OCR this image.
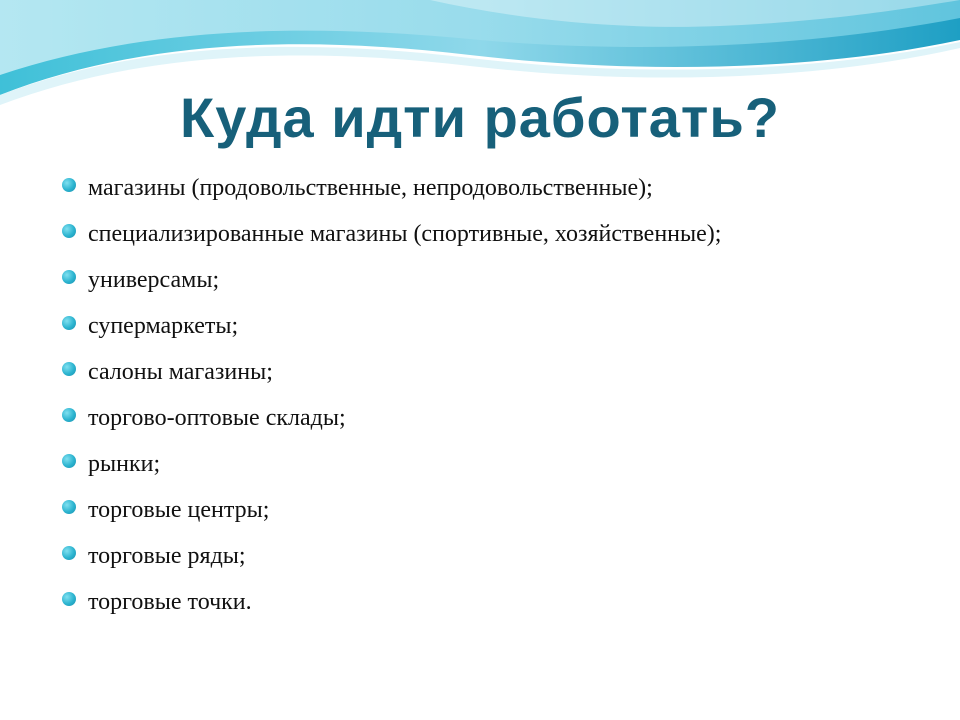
Куда идти работать?
магазины (продовольственные, непродовольственные);
специализированные магазины (спортивные, хозяйственные);
универсамы;
супермаркеты;
салоны магазины;
торгово-оптовые склады;
рынки;
торговые центры;
торговые ряды;
торговые точки.
